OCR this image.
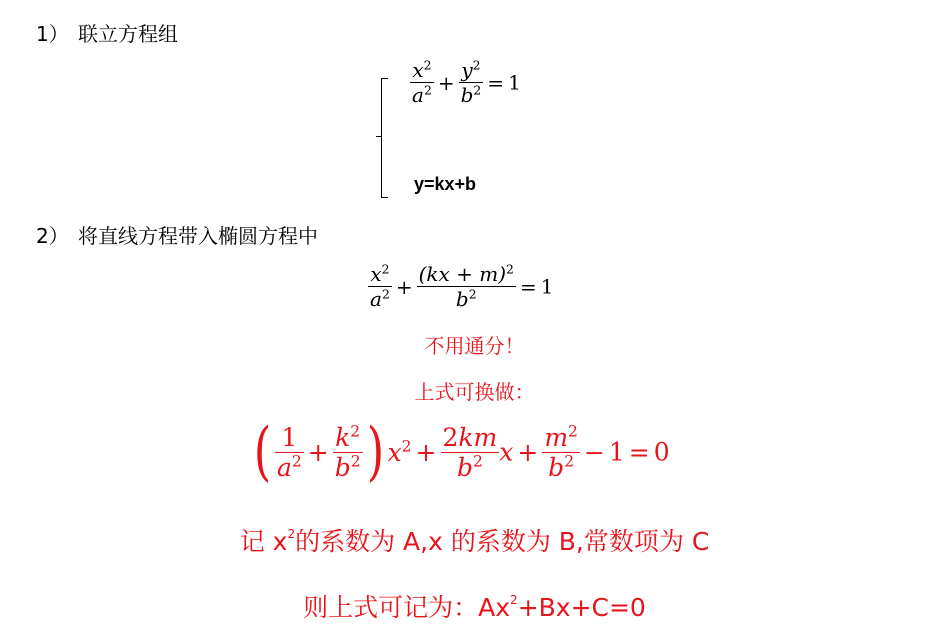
1） 联立方程组
$\frac{x^2}{a^2} + \frac{y^2}{b^2} = 1$
y=kx+b
2） 将直线方程带入椭圆方程中
$\frac{x^2}{a^2} + \frac{(kx + m)^2}{b^2} = 1$
不用通分！
上式可换做：
( $\frac{1}{a^2} + \frac{k^2}{b^2}$ ) $x^2 + \frac{2km}{b^2}$ $x + \frac{m^2}{b^2} - 1 = 0$
记 $x^2$的系数为 A,x 的系数为 B,常数项为 C
则上式可记为：$Ax^2+Bx+C=0$
